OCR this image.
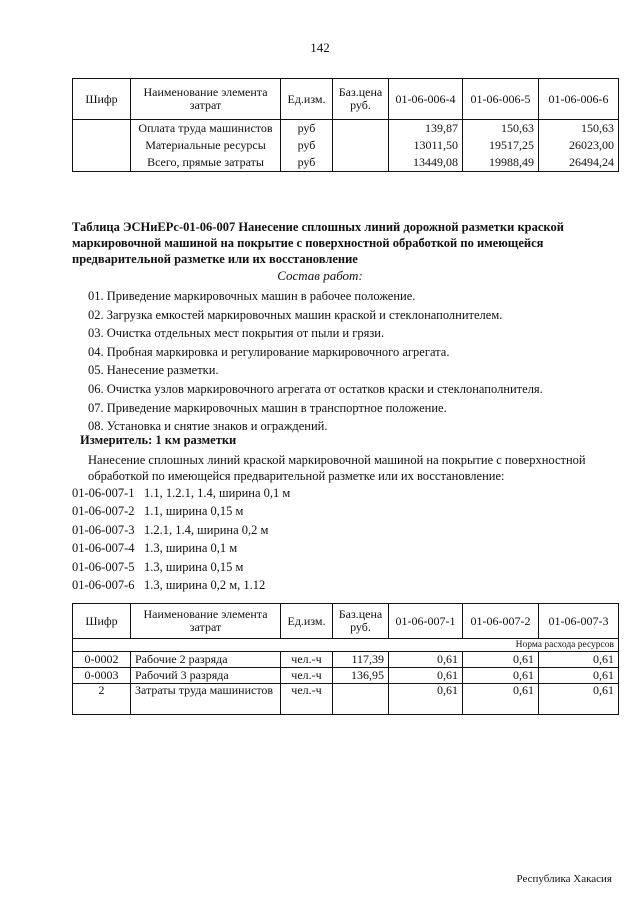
142
Шифр	Наименование элемента затрат	Ед.изм.	Баз.цена руб.	01-06-006-4	01-06-006-5	01-06-006-6
	Оплата труда машинистов	руб		139,87	150,63	150,63
	Материальные ресурсы	руб		13011,50	19517,25	26023,00
	Всего, прямые затраты	руб		13449,08	19988,49	26494,24
Таблица ЭСНиЕРс-01-06-007 Нанесение сплошных линий дорожной разметки краской маркировочной машиной на покрытие с поверхностной обработкой по имеющейся предварительной разметке или их восстановление
Состав работ:
01. Приведение маркировочных машин в рабочее положение.
02. Загрузка емкостей маркировочных машин краской и стеклонаполнителем.
03. Очистка отдельных мест покрытия от пыли и грязи.
04. Пробная маркировка и регулирование маркировочного агрегата.
05. Нанесение разметки.
06. Очистка узлов маркировочного агрегата от остатков краски и стеклонаполнителя.
07. Приведение маркировочных машин в транспортное положение.
08. Установка и снятие знаков и ограждений.
Измеритель: 1 км разметки
Нанесение сплошных линий краской маркировочной машиной на покрытие с поверхностной обработкой по имеющейся предварительной разметке или их восстановление:
01-06-007-1 1.1, 1.2.1, 1.4, ширина 0,1 м
01-06-007-2 1.1, ширина 0,15 м
01-06-007-3 1.2.1, 1.4, ширина 0,2 м
01-06-007-4 1.3, ширина 0,1 м
01-06-007-5 1.3, ширина 0,15 м
01-06-007-6 1.3, ширина 0,2 м, 1.12
Шифр	Наименование элемента затрат	Ед.изм.	Баз.цена руб.	01-06-007-1	01-06-007-2	01-06-007-3
Норма расхода ресурсов						
0-0002	Рабочие 2 разряда	чел.-ч	117,39	0,61	0,61	0,61
0-0003	Рабочий 3 разряда	чел.-ч	136,95	0,61	0,61	0,61
2	Затраты труда машинистов	чел.-ч		0,61	0,61	0,61
Республика Хакасия
